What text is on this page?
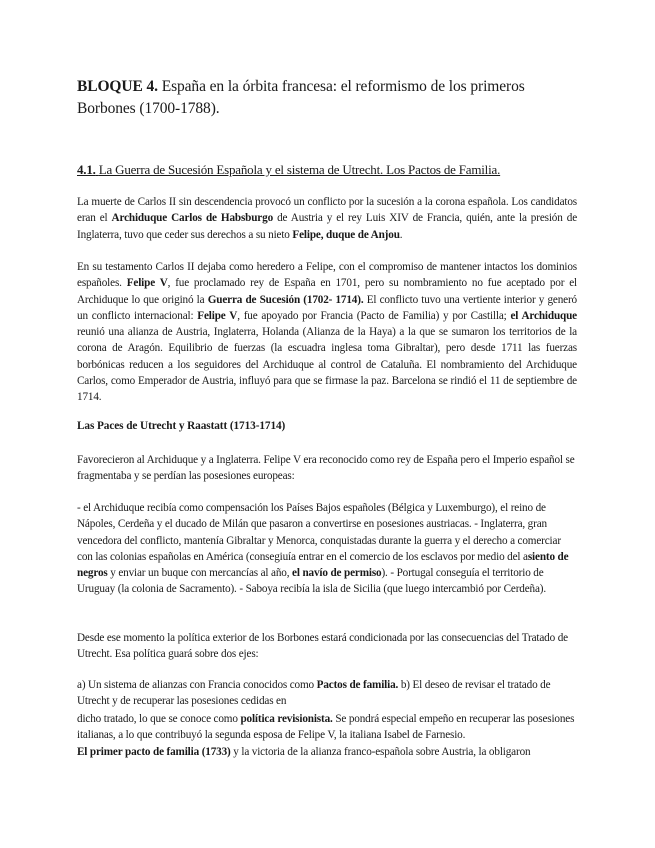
BLOQUE 4. España en la órbita francesa: el reformismo de los primeros Borbones (1700-1788).
4.1. La Guerra de Sucesión Española y el sistema de Utrecht. Los Pactos de Familia.
La muerte de Carlos II sin descendencia provocó un conflicto por la sucesión a la corona española. Los candidatos eran el Archiduque Carlos de Habsburgo de Austria y el rey Luis XIV de Francia, quién, ante la presión de Inglaterra, tuvo que ceder sus derechos a su nieto Felipe, duque de Anjou.
En su testamento Carlos II dejaba como heredero a Felipe, con el compromiso de mantener intactos los dominios españoles. Felipe V, fue proclamado rey de España en 1701, pero su nombramiento no fue aceptado por el Archiduque lo que originó la Guerra de Sucesión (1702- 1714). El conflicto tuvo una vertiente interior y generó un conflicto internacional: Felipe V, fue apoyado por Francia (Pacto de Familia) y por Castilla; el Archiduque reunió una alianza de Austria, Inglaterra, Holanda (Alianza de la Haya) a la que se sumaron los territorios de la corona de Aragón. Equilibrio de fuerzas (la escuadra inglesa toma Gibraltar), pero desde 1711 las fuerzas borbónicas reducen a los seguidores del Archiduque al control de Cataluña. El nombramiento del Archiduque Carlos, como Emperador de Austria, influyó para que se firmase la paz. Barcelona se rindió el 11 de septiembre de 1714.
Las Paces de Utrecht y Raastatt (1713-1714)
Favorecieron al Archiduque y a Inglaterra. Felipe V era reconocido como rey de España pero el Imperio español se fragmentaba y se perdían las posesiones europeas:
- el Archiduque recibía como compensación los Países Bajos españoles (Bélgica y Luxemburgo), el reino de Nápoles, Cerdeña y el ducado de Milán que pasaron a convertirse en posesiones austriacas. - Inglaterra, gran vencedora del conflicto, mantenía Gibraltar y Menorca, conquistadas durante la guerra y el derecho a comerciar con las colonias españolas en América (consegiuía entrar en el comercio de los esclavos por medio del asiento de negros y enviar un buque con mercancías al año, el navío de permiso). - Portugal conseguía el territorio de Uruguay (la colonia de Sacramento). - Saboya recibía la isla de Sicilia (que luego intercambió por Cerdeña).
Desde ese momento la política exterior de los Borbones estará condicionada por las consecuencias del Tratado de Utrecht. Esa política guará sobre dos ejes:
a) Un sistema de alianzas con Francia conocidos como Pactos de familia. b) El deseo de revisar el tratado de Utrecht y de recuperar las posesiones cedidas en
dicho tratado, lo que se conoce como política revisionista. Se pondrá especial empeño en recuperar las posesiones italianas, a lo que contribuyó la segunda esposa de Felipe V, la italiana Isabel de Farnesio.
El primer pacto de familia (1733) y la victoria de la alianza franco-española sobre Austria, la obligaron
